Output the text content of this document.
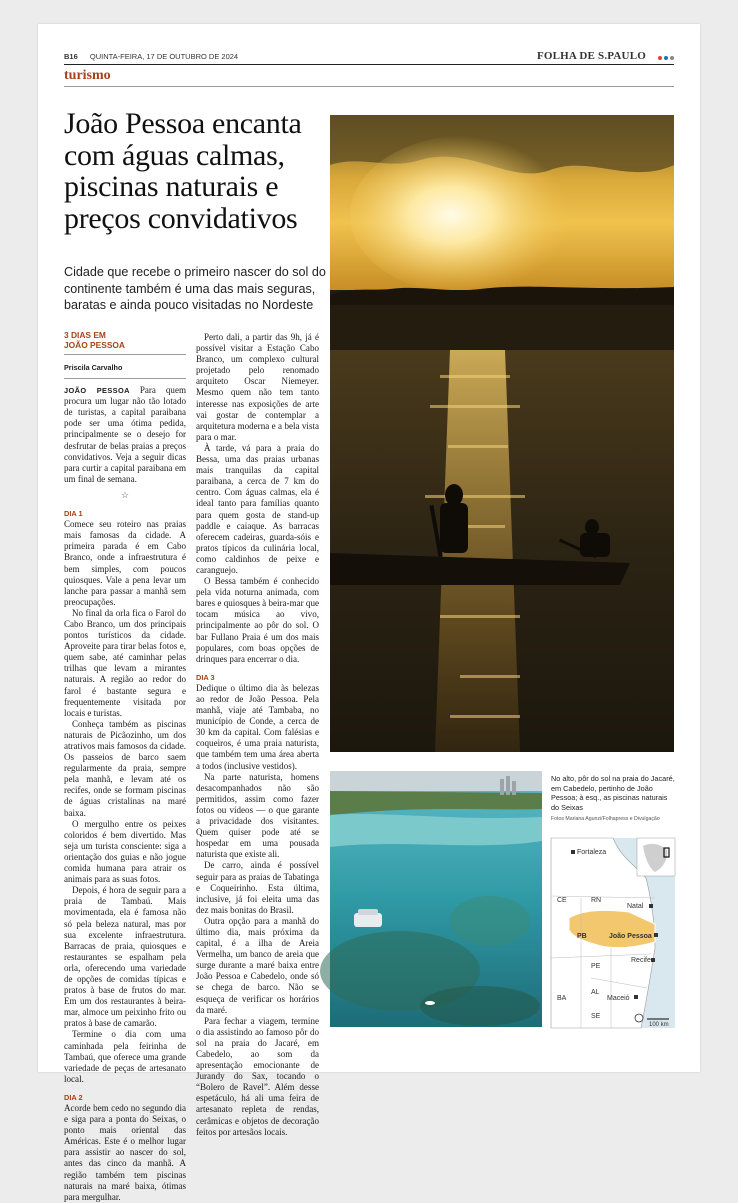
B16 QUINTA-FEIRA, 17 DE OUTUBRO DE 2024	FOLHA DE S.PAULO
turismo
João Pessoa encanta com águas calmas, piscinas naturais e preços convidativos
Cidade que recebe o primeiro nascer do sol do continente também é uma das mais seguras, baratas e ainda pouco visitadas no Nordeste
3 DIAS EM
JOÃO PESSOA
Priscila Carvalho

JOÃO PESSOA Para quem procura um lugar não tão lotado de turistas, a capital paraibana pode ser uma ótima pedida, principalmente se o desejo for desfrutar de belas praias a preços convidativos. Veja a seguir dicas para curtir a capital paraibana em um final de semana.

☆
DIA 1

Comece seu roteiro nas praias mais famosas da cidade. A primeira parada é em Cabo Branco, onde a infraestrutura é bem simples, com poucos quiosques. Vale a pena levar um lanche para passar a manhã sem preocupações.

No final da orla fica o Farol do Cabo Branco, um dos principais pontos turísticos da cidade. Aproveite para tirar belas fotos e, quem sabe, até caminhar pelas trilhas que levam a mirantes naturais. A região ao redor do farol é bastante segura e frequentemente visitada por locais e turistas.

Conheça também as piscinas naturais de Picãozinho, um dos atrativos mais famosos da cidade. Os passeios de barco saem regularmente da praia, sempre pela manhã, e levam até os recifes, onde se formam piscinas de águas cristalinas na maré baixa.

O mergulho entre os peixes coloridos é bem divertido. Mas seja um turista consciente: siga a orientação dos guias e não jogue comida humana para atrair os animais para as suas fotos.

Depois, é hora de seguir para a praia de Tambaú. Mais movimentada, ela é famosa não só pela beleza natural, mas por sua excelente infraestrutura. Barracas de praia, quiosques e restaurantes se espalham pela orla, oferecendo uma variedade de opções de comidas típicas e pratos à base de frutos do mar. Em um dos restaurantes à beira-mar, almoce um peixinho frito ou pratos à base de camarão.

Termine o dia com uma caminhada pela feirinha de Tambaú, que oferece uma grande variedade de peças de artesanato local.

DIA 2

Acorde bem cedo no segundo dia e siga para a ponta do Seixas, o ponto mais oriental das Américas. Este é o melhor lugar para assistir ao nascer do sol, antes das cinco da manhã. A região também tem piscinas naturais na maré baixa, ótimas para mergulhar.

Perto dali, a partir das 9h, já é possível visitar a Estação Cabo Branco, um complexo cultural projetado pelo renomado arquiteto Oscar Niemeyer. Mesmo quem não tem tanto interesse nas exposições de arte vai gostar de contemplar a arquitetura moderna e a bela vista para o mar.

À tarde, vá para a praia do Bessa, uma das praias urbanas mais tranquilas da capital paraibana, a cerca de 7 km do centro. Com águas calmas, ela é ideal tanto para famílias quanto para quem gosta de stand-up paddle e caiaque. As barracas oferecem cadeiras, guarda-sóis e pratos típicos da culinária local, como caldinhos de peixe e caranguejo.

O Bessa também é conhecido pela vida noturna animada, com bares e quiosques à beira-mar que tocam música ao vivo, principalmente ao pôr do sol. O bar Fullano Praia é um dos mais populares, com boas opções de drinques para encerrar o dia.

DIA 3

Dedique o último dia às belezas ao redor de João Pessoa. Pela manhã, viaje até Tambaba, no município de Conde, a cerca de 30 km da capital. Com falésias e coqueiros, é uma praia naturista, que também tem uma área aberta a todos (inclusive vestidos).

Na parte naturista, homens desacompanhados não são permitidos, assim como fazer fotos ou vídeos — o que garante a privacidade dos visitantes. Quem quiser pode até se hospedar em uma pousada naturista que existe ali.

De carro, ainda é possível seguir para as praias de Tabatinga e Coqueirinho. Esta última, inclusive, já foi eleita uma das dez mais bonitas do Brasil.

Outra opção para a manhã do último dia, mais próxima da capital, é a ilha de Areia Vermelha, um banco de areia que surge durante a maré baixa entre João Pessoa e Cabedelo, onde só se chega de barco. Não se esqueça de verificar os horários da maré.

Para fechar a viagem, termine o dia assistindo ao famoso pôr do sol na praia do Jacaré, em Cabedelo, ao som da apresentação emocionante de Jurandy do Sax, tocando o “Bolero de Ravel”. Além desse espetáculo, há ali uma feira de artesanato repleta de rendas, cerâmicas e objetos de decoração feitos por artesãos locais.

No alto, pôr do sol na praia do Jacaré, em Cabedelo, pertinho de João Pessoa; à esq., as piscinas naturais do Seixas
Fotos Mariana Agunzi/Folhapress e Divulgação
Fortaleza
CE	RN
Natal
PB	João Pessoa
PE
Recife
AL
BA	Maceió
SE
100 km
